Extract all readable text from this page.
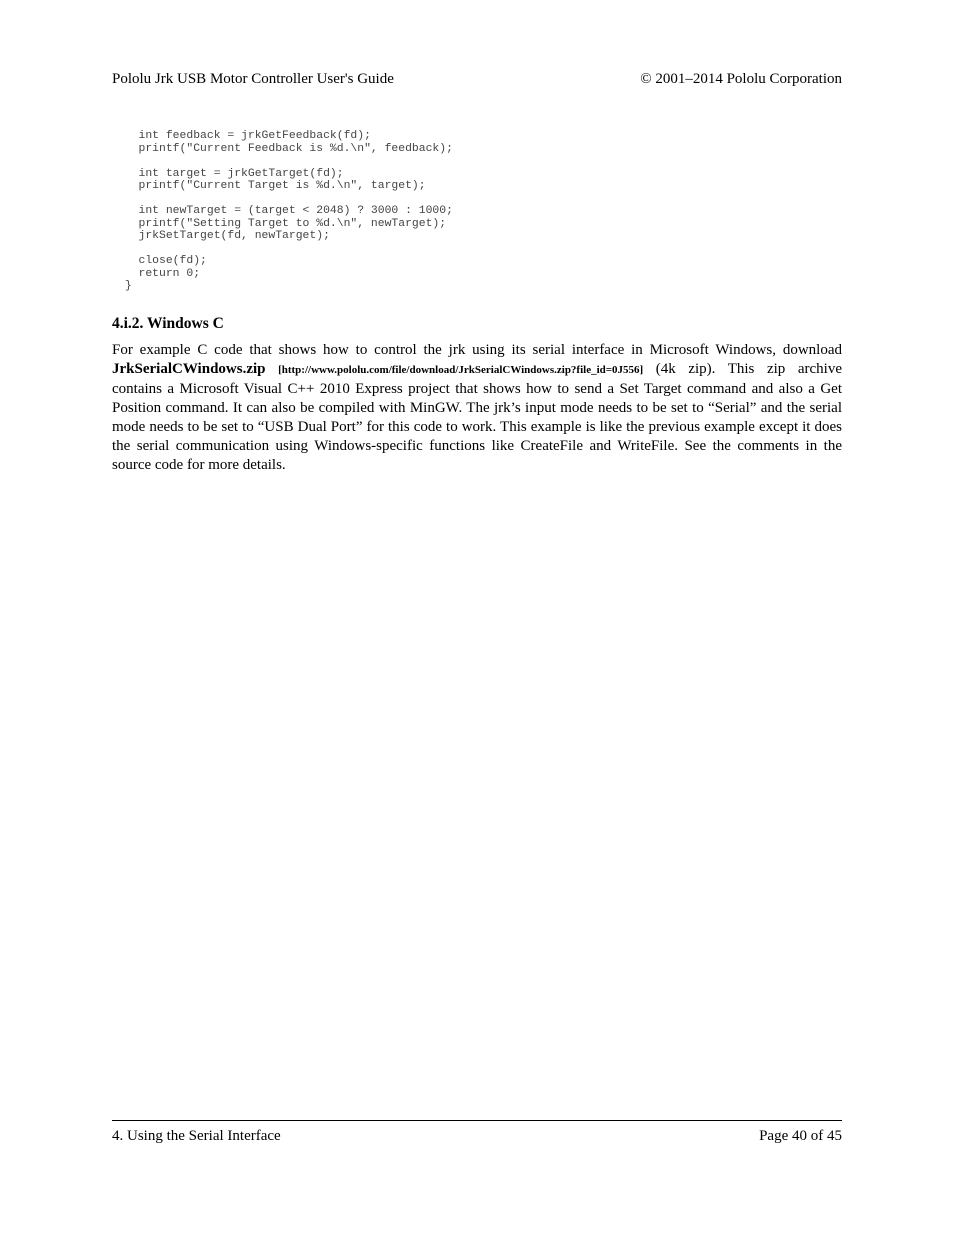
Pololu Jrk USB Motor Controller User's Guide	© 2001–2014 Pololu Corporation
int feedback = jrkGetFeedback(fd);
printf("Current Feedback is %d.\n", feedback);
int target = jrkGetTarget(fd);
printf("Current Target is %d.\n", target);
int newTarget = (target < 2048) ? 3000 : 1000;
printf("Setting Target to %d.\n", newTarget);
jrkSetTarget(fd, newTarget);
close(fd);
return 0;
}
4.i.2. Windows C

For example C code that shows how to control the jrk using its serial interface in Microsoft Windows, download JrkSerialCWindows.zip [http://www.pololu.com/file/download/JrkSerialCWindows.zip?file_id=0J556] (4k zip). This zip archive contains a Microsoft Visual C++ 2010 Express project that shows how to send a Set Target command and also a Get Position command. It can also be compiled with MinGW. The jrk’s input mode needs to be set to “Serial” and the serial mode needs to be set to “USB Dual Port” for this code to work. This example is like the previous example except it does the serial communication using Windows-specific functions like CreateFile and WriteFile. See the comments in the source code for more details.

4. Using the Serial Interface	Page 40 of 45
